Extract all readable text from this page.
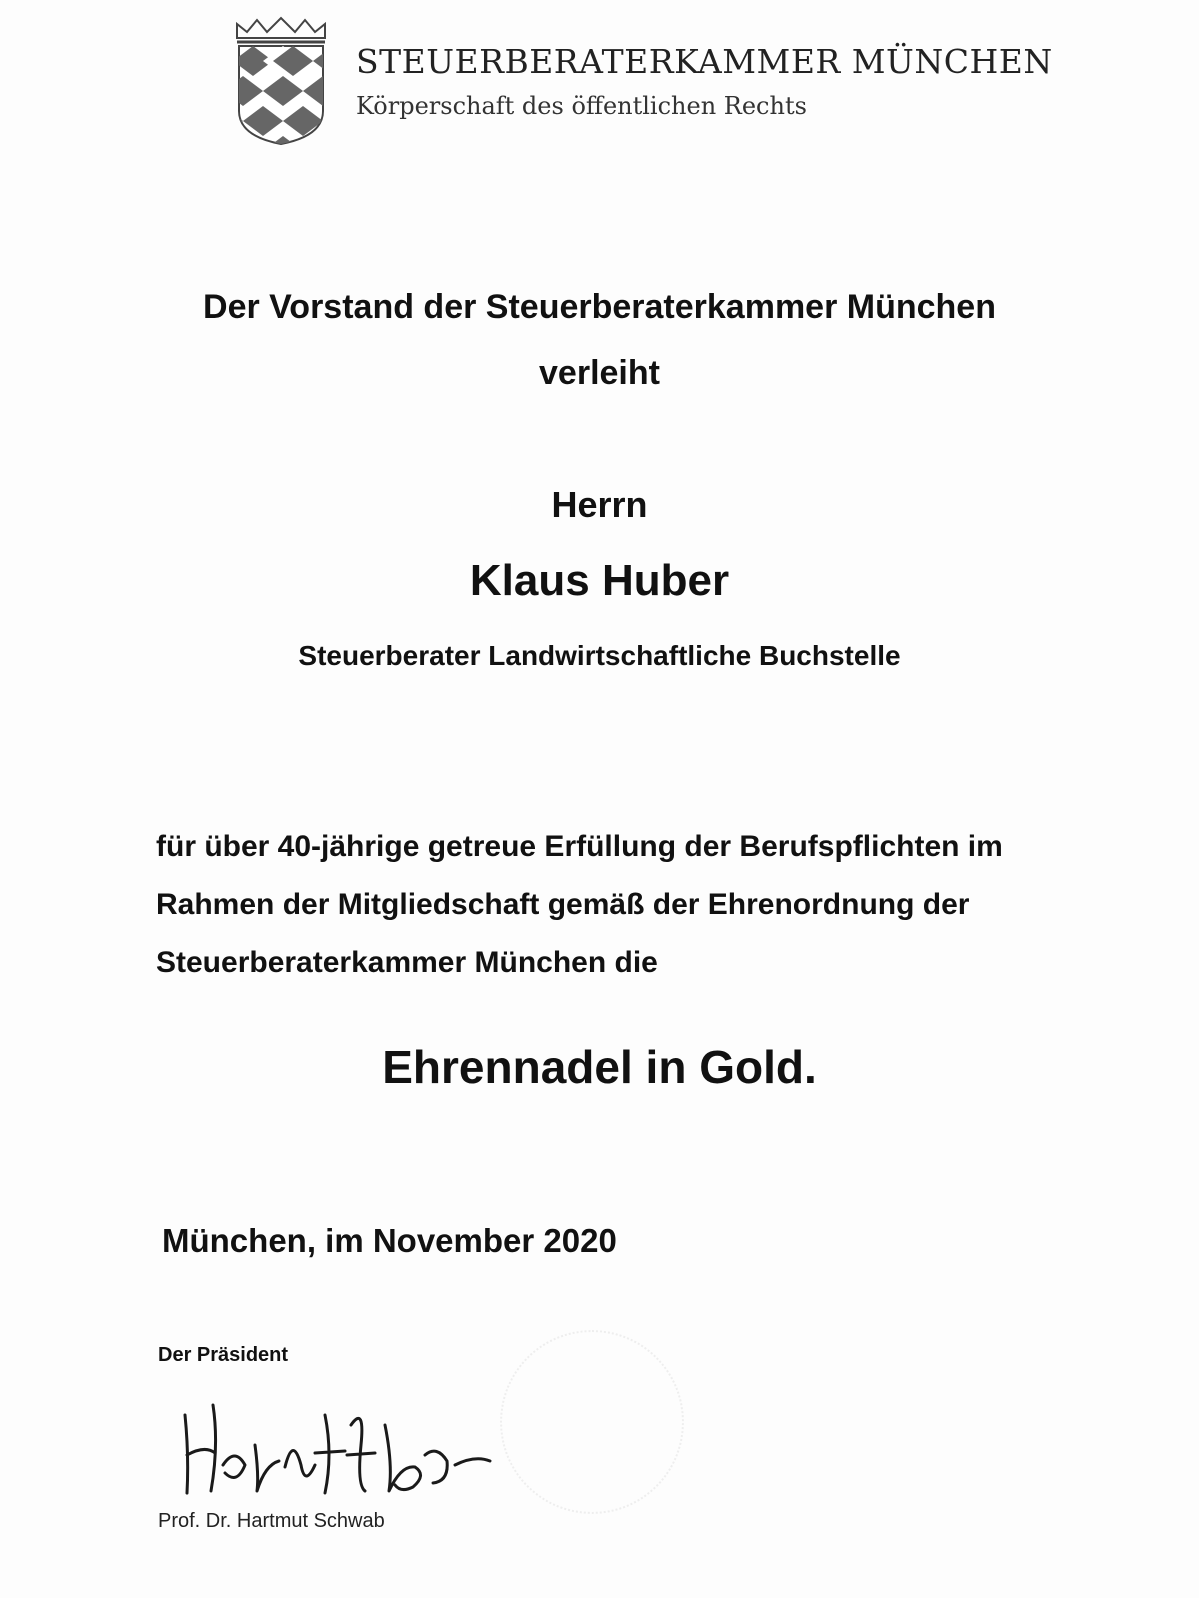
STEUERBERATERKAMMER MÜNCHEN
Körperschaft des öffentlichen Rechts
Der Vorstand der Steuerberaterkammer München
verleiht
Herrn
Klaus Huber
Steuerberater Landwirtschaftliche Buchstelle
für über 40-jährige getreue Erfüllung der Berufspflichten im
Rahmen der Mitgliedschaft gemäß der Ehrenordnung der
Steuerberaterkammer München die
Ehrennadel in Gold.
München, im November 2020
Der Präsident
Prof. Dr. Hartmut Schwab
